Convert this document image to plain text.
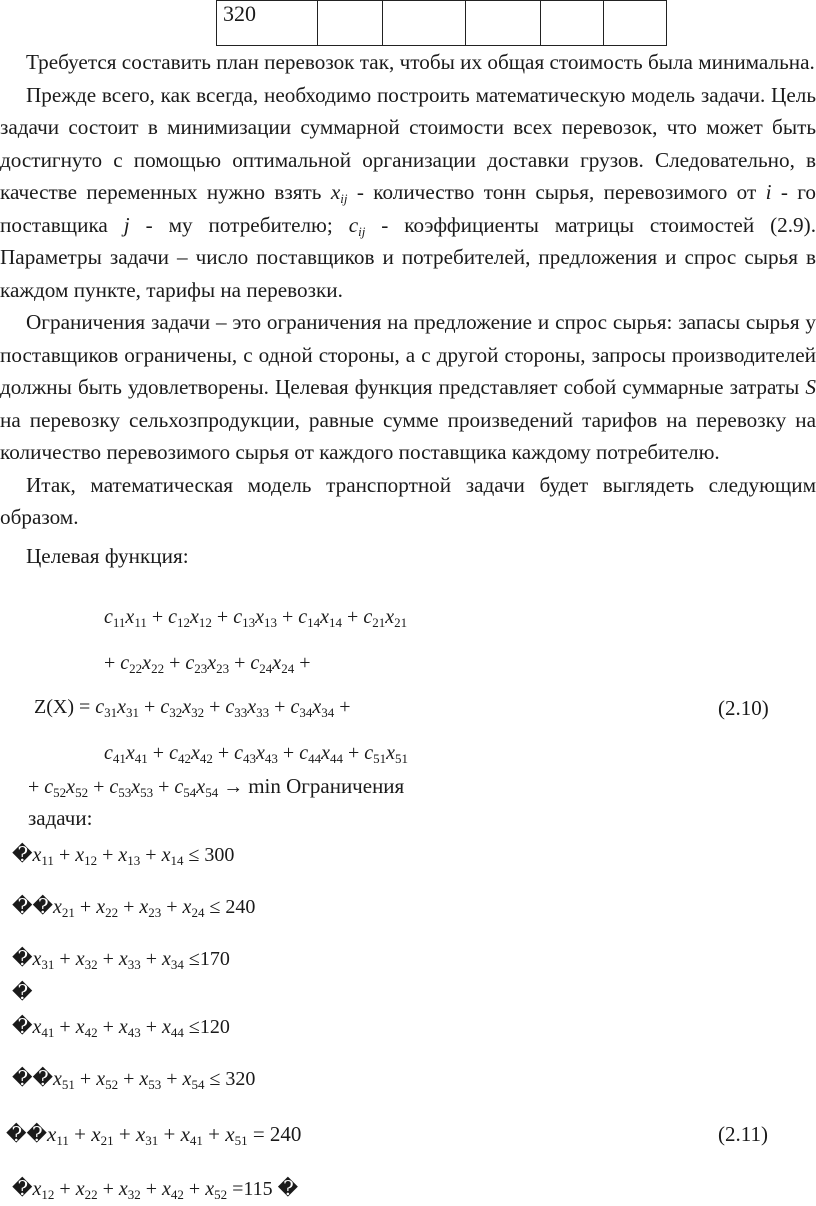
320					

Требуется составить план перевозок так, чтобы их общая стоимость была минимальна.

Прежде всего, как всегда, необходимо построить математическую модель задачи. Цель задачи состоит в минимизации суммарной стоимости всех перевозок, что может быть достигнуто с помощью оптимальной организации доставки грузов. Следовательно, в качестве переменных нужно взять $x_{ij}$ - количество тонн сырья, перевозимого от i - го поставщика j - му потребителю; $c_{ij}$ - коэффициенты матрицы стоимостей (2.9). Параметры задачи – число поставщиков и потребителей, предложения и спрос сырья в каждом пункте, тарифы на перевозки.

Ограничения задачи – это ограничения на предложение и спрос сырья: запасы сырья у поставщиков ограничены, с одной стороны, а с другой стороны, запросы производителей должны быть удовлетворены. Целевая функция представляет собой суммарные затраты S на перевозку сельхозпродукции, равные сумме произведений тарифов на перевозку на количество перевозимого сырья от каждого поставщика каждому потребителю.

Итак, математическая модель транспортной задачи будет выглядеть следующим образом.

Целевая функция:

$c_{11}x_{11} + c_{12}x_{12} + c_{13}x_{13} + c_{14}x_{14} + c_{21}x_{21}$
+ $c_{22}x_{22} + c_{23}x_{23} + c_{24}x_{24}$ +
$Z(X) = c_{31}x_{31} + c_{32}x_{32} + c_{33}x_{33} + c_{34}x_{34}$ +	(2.10)
$c_{41}x_{41} + c_{42}x_{42} + c_{43}x_{43} + c_{44}x_{44} + c_{51}x_{51}$
+ $c_{52}x_{52} + c_{53}x_{53} + c_{54}x_{54} \to \min$ Ограничения
задачи:
$�x_{11} + x_{12} + x_{13} + x_{14} \le 300$
$��x_{21} + x_{22} + x_{23} + x_{24} \le 240$
$�x_{31} + x_{32} + x_{33} + x_{34} \le 170$
�
$�x_{41} + x_{42} + x_{43} + x_{44} \le 120$
$��x_{51} + x_{52} + x_{53} + x_{54} \le 320$
$��x_{11} + x_{21} + x_{31} + x_{41} + x_{51} = 240$	(2.11)
$�x_{12} + x_{22} + x_{32} + x_{42} + x_{52} =115$ �
